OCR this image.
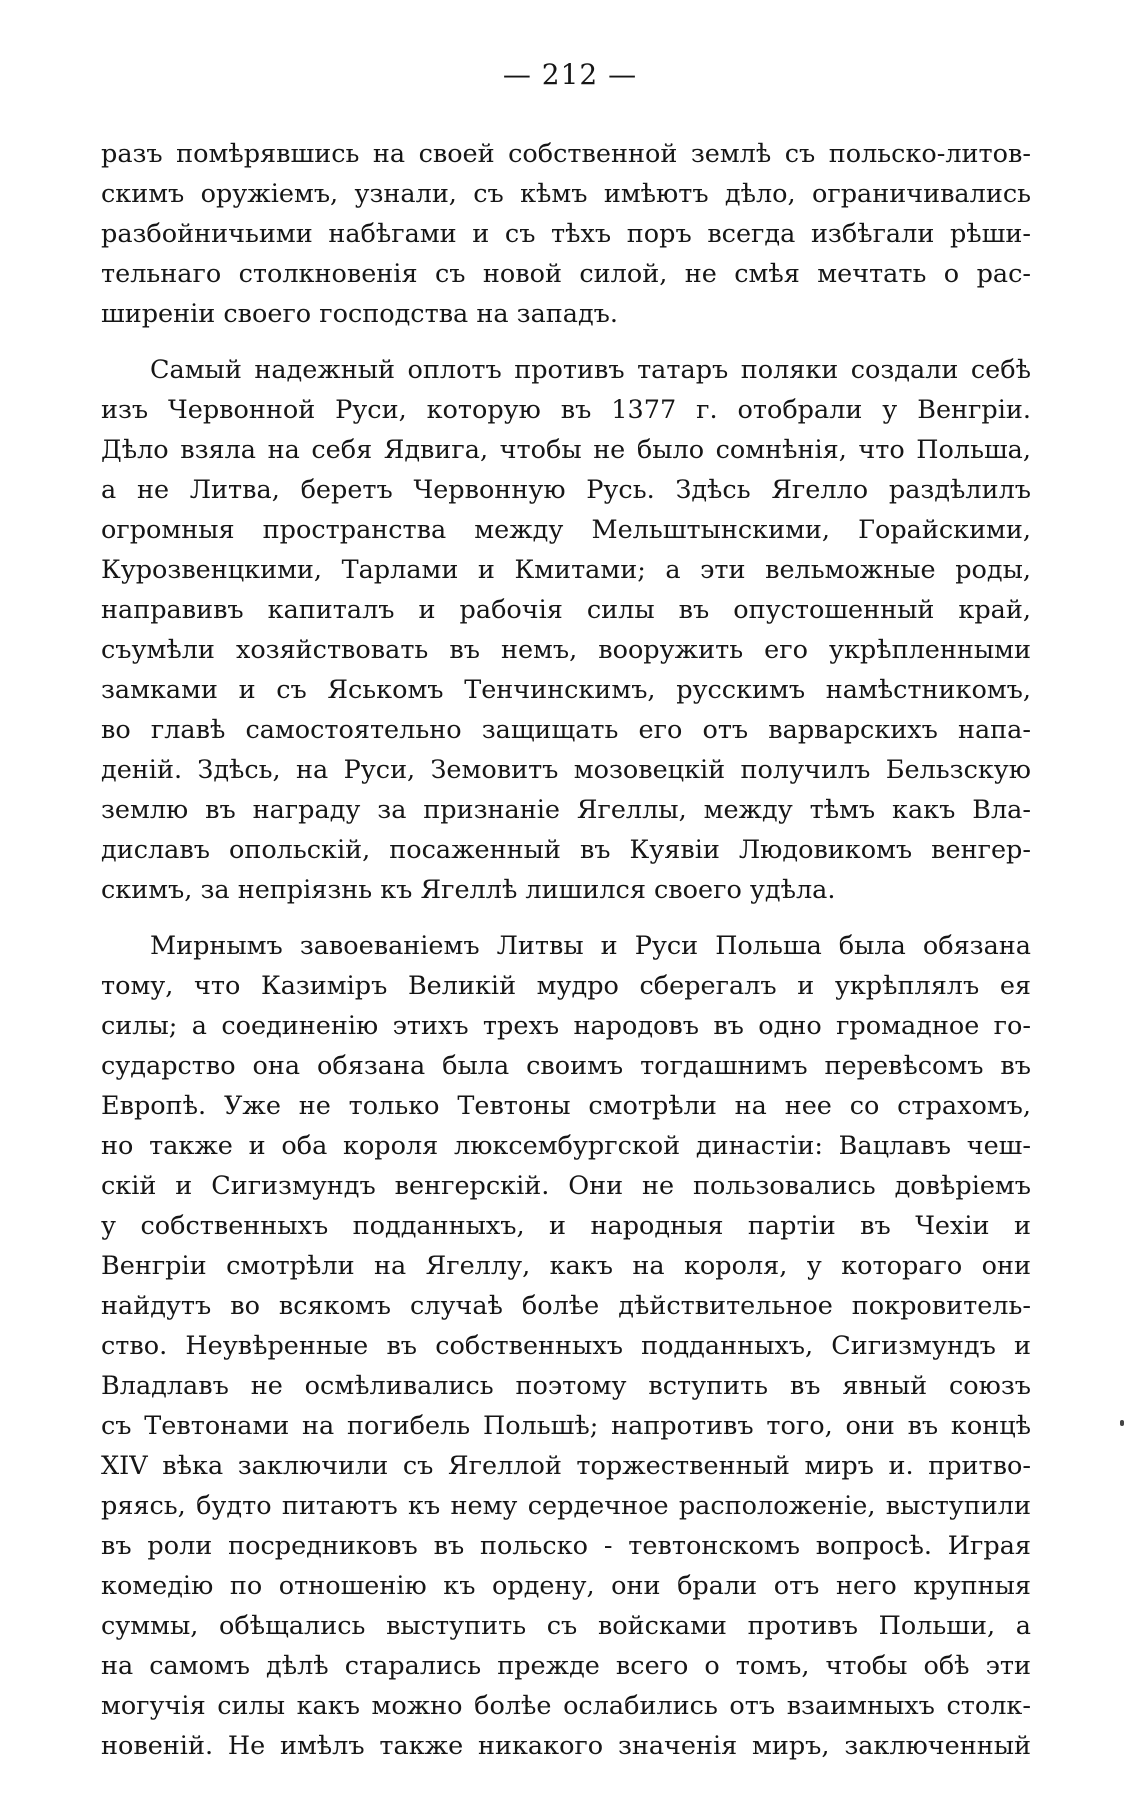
— 212 —
разъ помѣрявшись на своей собственной землѣ съ польско-литов-
скимъ оружіемъ, узнали, съ кѣмъ имѣютъ дѣло, ограничивались
разбойничьими набѣгами и съ тѣхъ поръ всегда избѣгали рѣши-
тельнаго столкновенія съ новой силой, не смѣя мечтать о рас-
ширеніи своего господства на западъ.
Самый надежный оплотъ противъ татаръ поляки создали себѣ
изъ Червонной Руси, которую въ 1377 г. отобрали у Венгріи.
Дѣло взяла на себя Ядвига, чтобы не было сомнѣнія, что Польша,
а не Литва, беретъ Червонную Русь. Здѣсь Ягелло раздѣлилъ
огромныя пространства между Мельштынскими, Горайскими,
Курозвенцкими, Тарлами и Кмитами; а эти вельможные роды,
направивъ капиталъ и рабочія силы въ опустошенный край,
съумѣли хозяйствовать въ немъ, вооружить его укрѣпленными
замками и съ Яськомъ Тенчинскимъ, русскимъ намѣстникомъ,
во главѣ самостоятельно защищать его отъ варварскихъ напа-
деній. Здѣсь, на Руси, Земовитъ мозовецкій получилъ Бельзскую
землю въ награду за признаніе Ягеллы, между тѣмъ какъ Вла-
диславъ опольскій, посаженный въ Куявіи Людовикомъ венгер-
скимъ, за непріязнь къ Ягеллѣ лишился своего удѣла.
Мирнымъ завоеваніемъ Литвы и Руси Польша была обязана
тому, что Казиміръ Великій мудро сберегалъ и укрѣплялъ ея
силы; а соединенію этихъ трехъ народовъ въ одно громадное го-
сударство она обязана была своимъ тогдашнимъ перевѣсомъ въ
Европѣ. Уже не только Тевтоны смотрѣли на нее со страхомъ,
но также и оба короля люксембургской династіи: Вацлавъ чеш-
скій и Сигизмундъ венгерскій. Они не пользовались довѣріемъ
у собственныхъ подданныхъ, и народныя партіи въ Чехіи и
Венгріи смотрѣли на Ягеллу, какъ на короля, у котораго они
найдутъ во всякомъ случаѣ болѣе дѣйствительное покровитель-
ство. Неувѣренные въ собственныхъ подданныхъ, Сигизмундъ и
Владлавъ не осмѣливались поэтому вступить въ явный союзъ
съ Тевтонами на погибель Польшѣ; напротивъ того, они въ концѣ
XIV вѣка заключили съ Ягеллой торжественный миръ и. притво-
ряясь, будто питаютъ къ нему сердечное расположеніе, выступили
въ роли посредниковъ въ польско - тевтонскомъ вопросѣ. Играя
комедію по отношенію къ ордену, они брали отъ него крупныя
суммы, обѣщались выступить съ войсками противъ Польши, а
на самомъ дѣлѣ старались прежде всего о томъ, чтобы обѣ эти
могучія силы какъ можно болѣе ослабились отъ взаимныхъ столк-
новеній. Не имѣлъ также никакого значенія миръ, заключенный
